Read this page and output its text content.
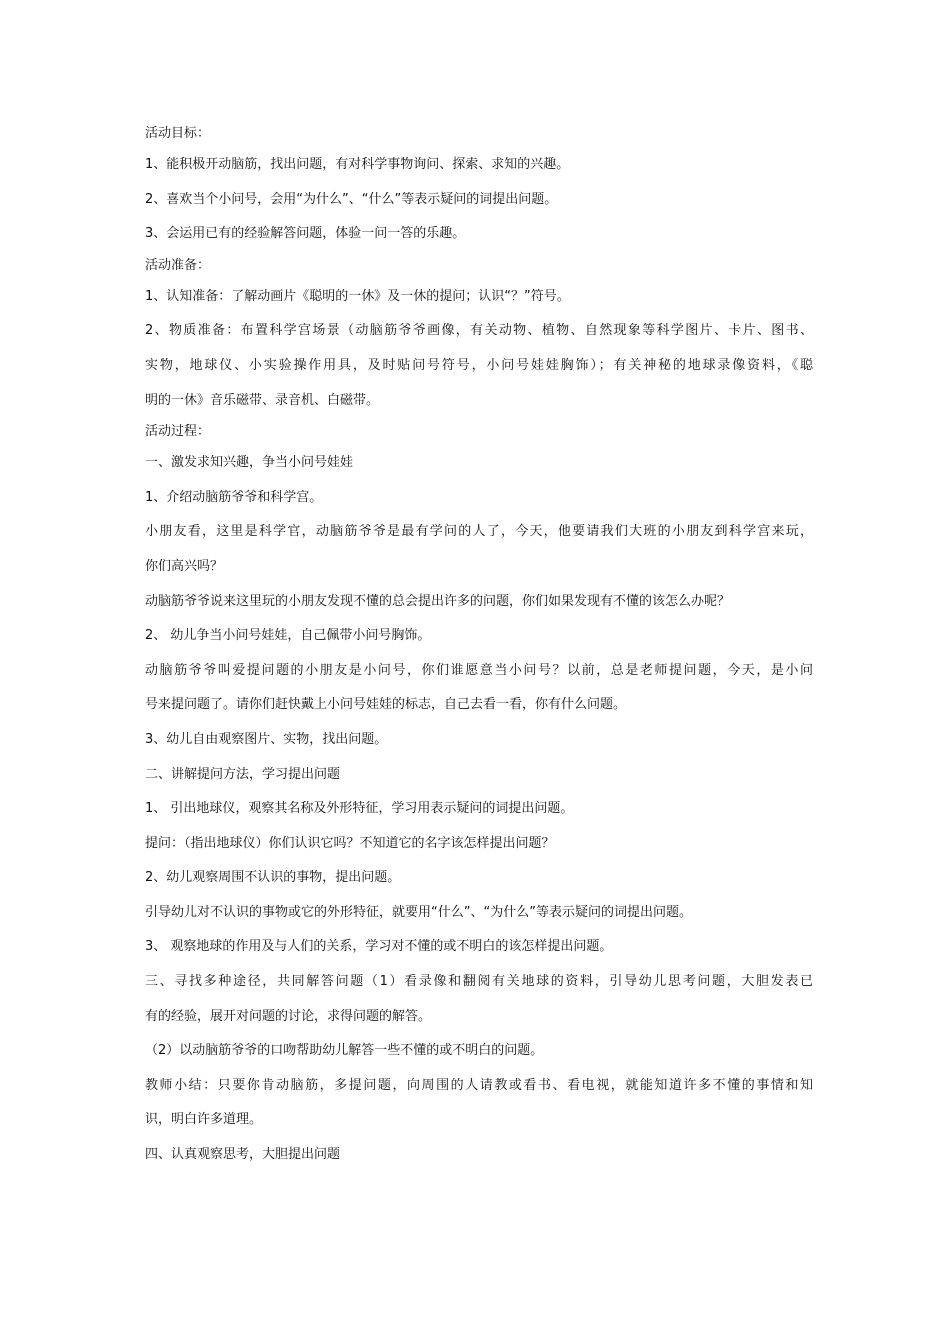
活动目标：
1、能积极开动脑筋，找出问题，有对科学事物询问、探索、求知的兴趣。
2、喜欢当个小问号，会用“为什么”、“什么”等表示疑问的词提出问题。
3、会运用已有的经验解答问题，体验一问一答的乐趣。
活动准备：
1、认知准备：了解动画片《聪明的一休》及一休的提问；认识“？”符号。
2、物质准备：布置科学宫场景（动脑筋爷爷画像，有关动物、植物、自然现象等科学图片、卡片、图书、
实物，地球仪、小实验操作用具，及时贴问号符号，小问号娃娃胸饰）；有关神秘的地球录像资料，《聪
明的一休》音乐磁带、录音机、白磁带。
活动过程：
一、激发求知兴趣，争当小问号娃娃
1、介绍动脑筋爷爷和科学宫。
小朋友看，这里是科学官，动脑筋爷爷是最有学问的人了，今天，他要请我们大班的小朋友到科学宫来玩，
你们高兴吗？
动脑筋爷爷说来这里玩的小朋友发现不懂的总会提出许多的问题，你们如果发现有不懂的该怎么办呢？
2、 幼儿争当小问号娃娃，自己佩带小问号胸饰。
动脑筋爷爷叫爱提问题的小朋友是小问号，你们谁愿意当小问号？以前，总是老师提问题，今天，是小问
号来提问题了。请你们赶快戴上小问号娃娃的标志，自己去看一看，你有什么问题。
3、幼儿自由观察图片、实物，找出问题。
二、讲解提问方法，学习提出问题
1、 引出地球仪，观察其名称及外形特征，学习用表示疑问的词提出问题。
提问：（指出地球仪）你们认识它吗？不知道它的名字该怎样提出问题？
2、幼儿观察周围不认识的事物，提出问题。
引导幼儿对不认识的事物或它的外形特征，就要用“什么”、“为什么”等表示疑问的词提出问题。
3、 观察地球的作用及与人们的关系，学习对不懂的或不明白的该怎样提出问题。
三、寻找多种途径，共同解答问题（1）看录像和翻阅有关地球的资料，引导幼儿思考问题，大胆发表已
有的经验，展开对问题的讨论，求得问题的解答。
（2）以动脑筋爷爷的口吻帮助幼儿解答一些不懂的或不明白的问题。
教师小结：只要你肯动脑筋，多提问题，向周围的人请教或看书、看电视，就能知道许多不懂的事情和知
识，明白许多道理。
四、认真观察思考，大胆提出问题
